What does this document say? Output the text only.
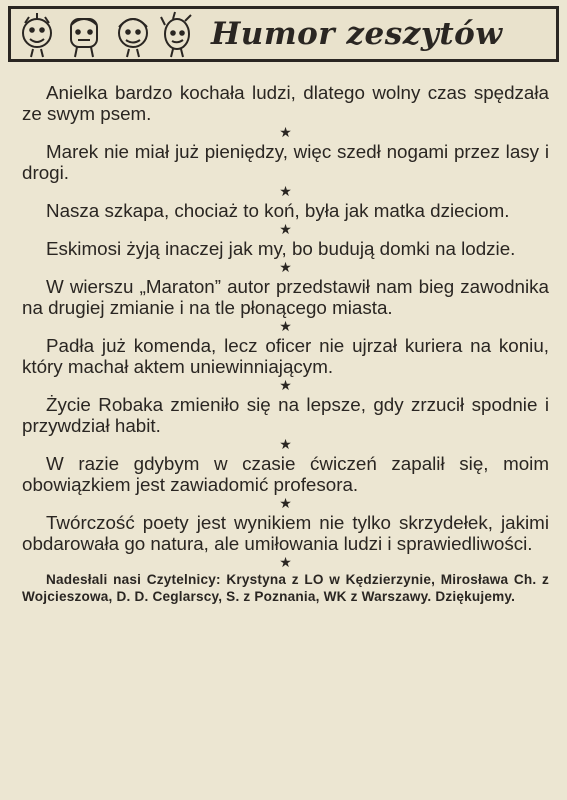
Humor zeszytów

Anielka bardzo kochała ludzi, dlatego wolny czas spędzała ze swym psem.

★

Marek nie miał już pieniędzy, więc szedł nogami przez lasy i drogi.

★

Nasza szkapa, chociaż to koń, była jak matka dzieciom.

★

Eskimosi żyją inaczej jak my, bo budują domki na lodzie.

★

W wierszu „Maraton” autor przedstawił nam bieg zawodnika na drugiej zmianie i na tle płonącego miasta.

★

Padła już komenda, lecz oficer nie ujrzał kuriera na koniu, który machał aktem uniewinniającym.

★

Życie Robaka zmieniło się na lepsze, gdy zrzucił spodnie i przywdział habit.

★

W razie gdybym w czasie ćwiczeń zapalił się, moim obowiązkiem jest zawiadomić profesora.

★

Twórczość poety jest wynikiem nie tylko skrzydełek, jakimi obdarowała go natura, ale umiłowania ludzi i sprawiedliwości.

★

Nadesłali nasi Czytelnicy: Krystyna z LO w Kędzierzynie, Mirosława Ch. z Wojcieszowa, D. D. Ceglarscy, S. z Poznania, WK z Warszawy. Dziękujemy.
